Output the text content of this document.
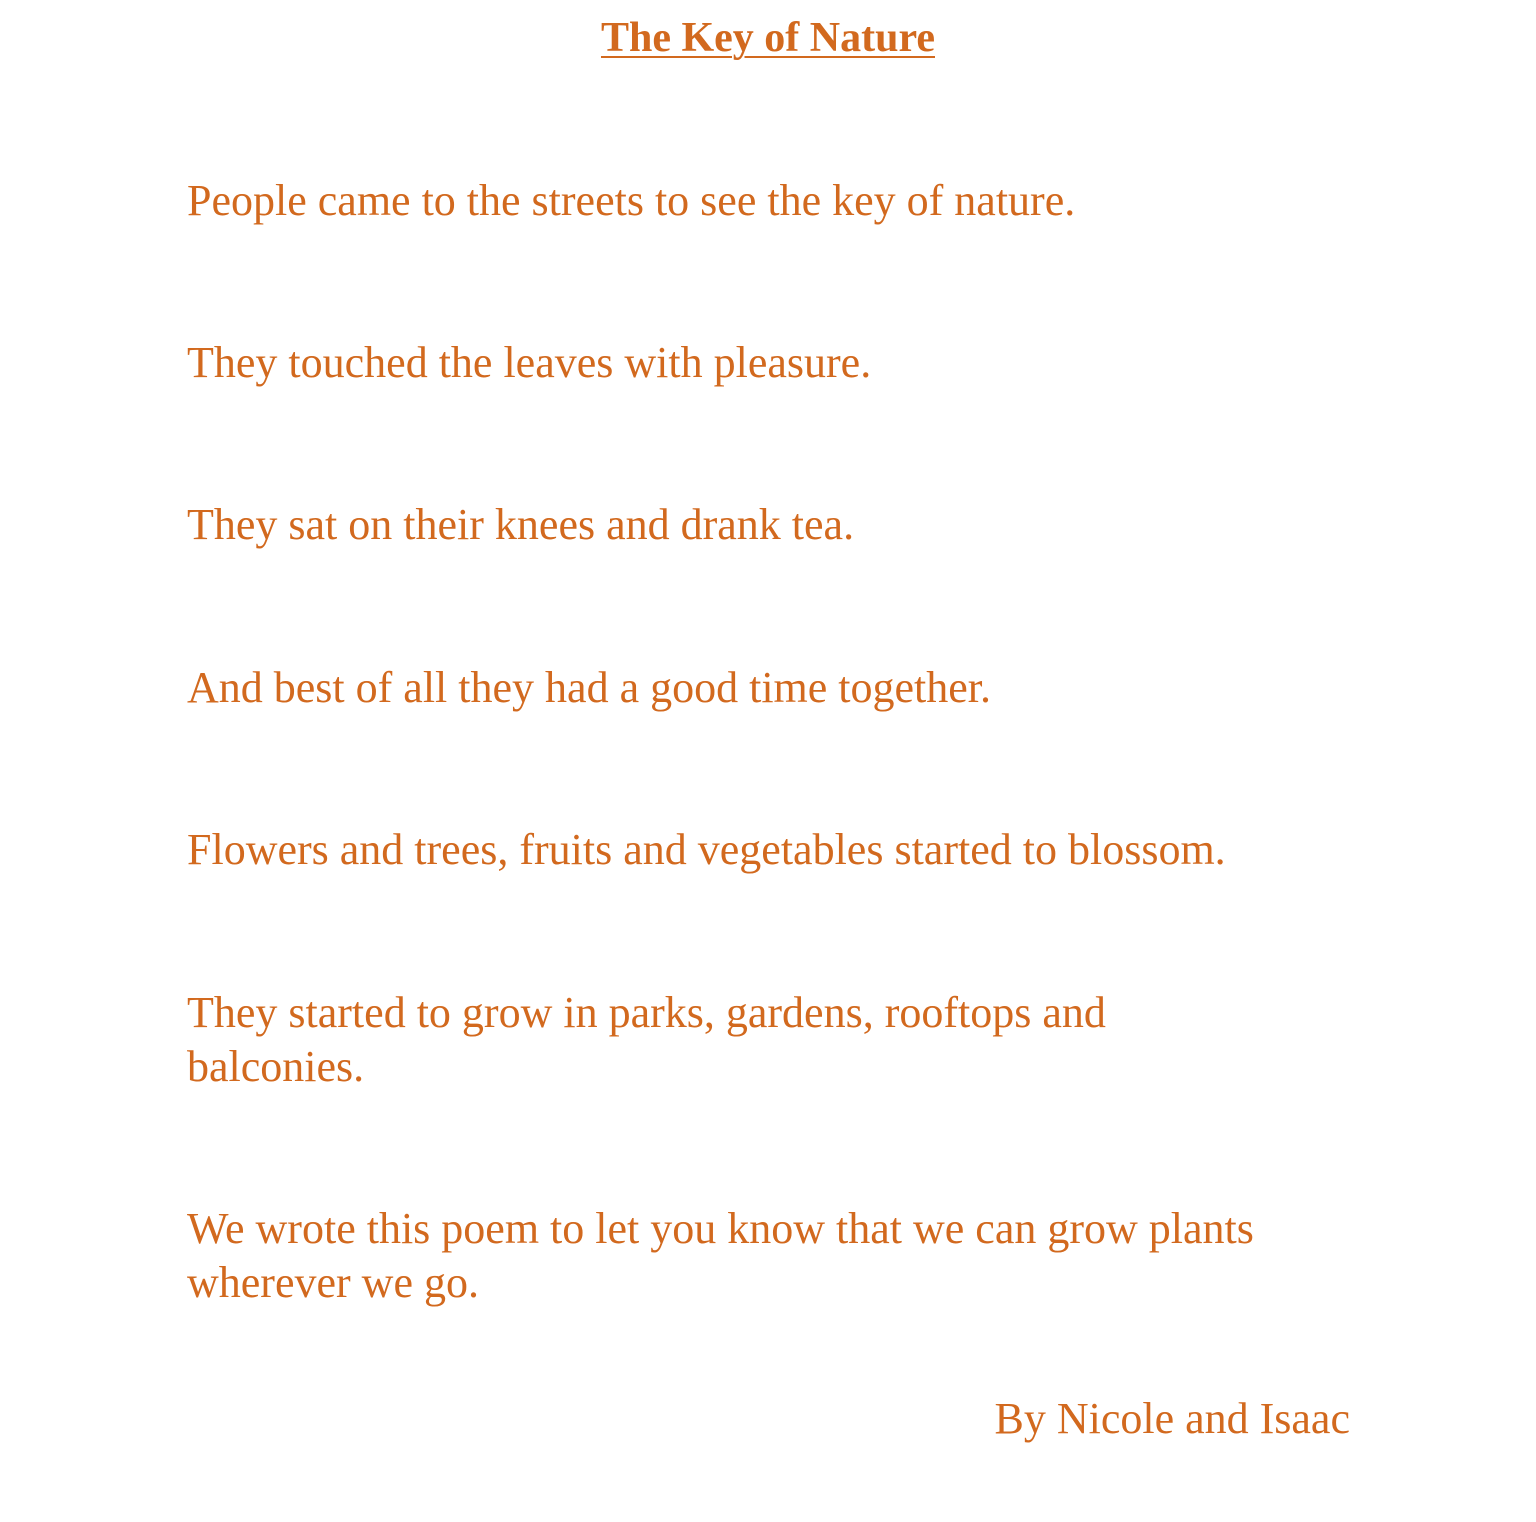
The Key of Nature

People came to the streets to see the key of nature.

They touched the leaves with pleasure.

They sat on their knees and drank tea.

And best of all they had a good time together.

Flowers and trees, fruits and vegetables started to blossom.

They started to grow in parks, gardens, rooftops and balconies.

We wrote this poem to let you know that we can grow plants wherever we go.

By Nicole and Isaac
